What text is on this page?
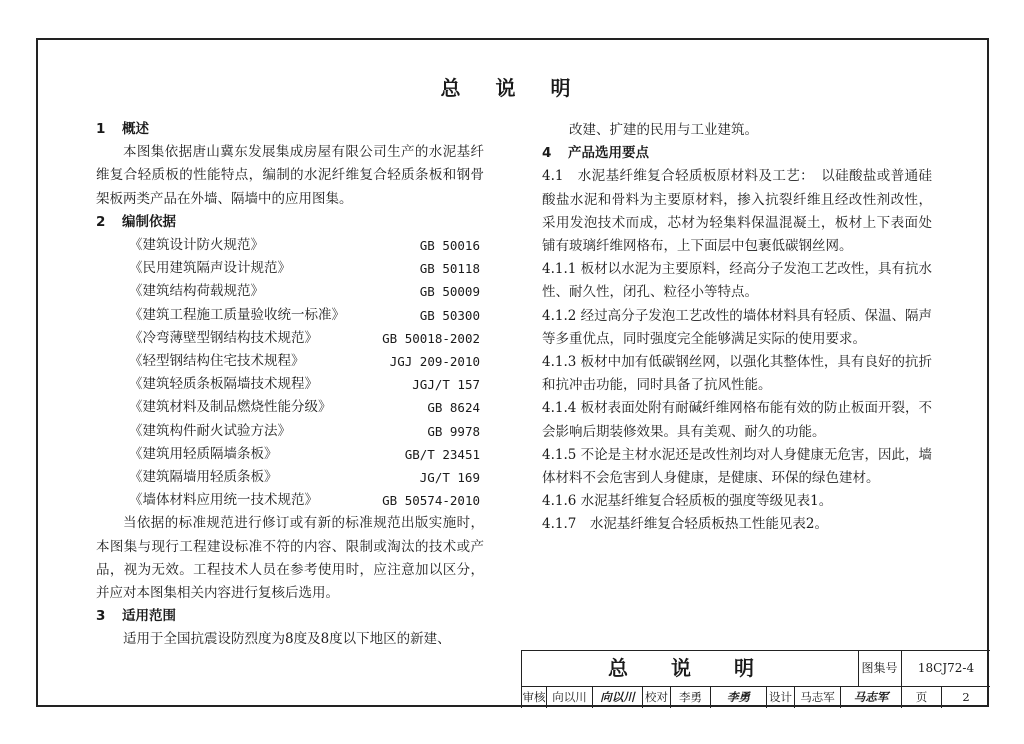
总 说 明
1 概述
本图集依据唐山冀东发展集成房屋有限公司生产的水泥基纤维复合轻质板的性能特点，编制的水泥纤维复合轻质条板和钢骨架板两类产品在外墙、隔墙中的应用图集。
2 编制依据
《建筑设计防火规范》	GB 50016
《民用建筑隔声设计规范》	GB 50118
《建筑结构荷载规范》	GB 50009
《建筑工程施工质量验收统一标准》	GB 50300
《冷弯薄壁型钢结构技术规范》	GB 50018-2002
《轻型钢结构住宅技术规程》	JGJ 209-2010
《建筑轻质条板隔墙技术规程》	JGJ/T 157
《建筑材料及制品燃烧性能分级》	GB 8624
《建筑构件耐火试验方法》	GB 9978
《建筑用轻质隔墙条板》	GB/T 23451
《建筑隔墙用轻质条板》	JG/T 169
《墙体材料应用统一技术规范》	GB 50574-2010
当依据的标准规范进行修订或有新的标准规范出版实施时，本图集与现行工程建设标准不符的内容、限制或淘汰的技术或产品，视为无效。工程技术人员在参考使用时，应注意加以区分，并应对本图集相关内容进行复核后选用。
3 适用范围
适用于全国抗震设防烈度为8度及8度以下地区的新建、
改建、扩建的民用与工业建筑。
4 产品选用要点
4.1　水泥基纤维复合轻质板原材料及工艺：　以硅酸盐或普通硅酸盐水泥和骨料为主要原材料，掺入抗裂纤维且经改性剂改性，采用发泡技术而成，芯材为轻集料保温混凝土，板材上下表面处铺有玻璃纤维网格布，上下面层中包裹低碳钢丝网。
4.1.1 板材以水泥为主要原料，经高分子发泡工艺改性，具有抗水性、耐久性，闭孔、粒径小等特点。
4.1.2 经过高分子发泡工艺改性的墙体材料具有轻质、保温、隔声等多重优点，同时强度完全能够满足实际的使用要求。
4.1.3 板材中加有低碳钢丝网，以强化其整体性，具有良好的抗折和抗冲击功能，同时具备了抗风性能。
4.1.4 板材表面处附有耐碱纤维网格布能有效的防止板面开裂，不会影响后期装修效果。具有美观、耐久的功能。
4.1.5 不论是主材水泥还是改性剂均对人身健康无危害，因此，墙体材料不会危害到人身健康，是健康、环保的绿色建材。
4.1.6 水泥基纤维复合轻质板的强度等级见表1。
4.1.7　水泥基纤维复合轻质板热工性能见表2。
总 说 明	图集号	18CJ72-4
审核 向以川	向以川 校对 李勇	李勇	设计 马志军	马志军	页	2
